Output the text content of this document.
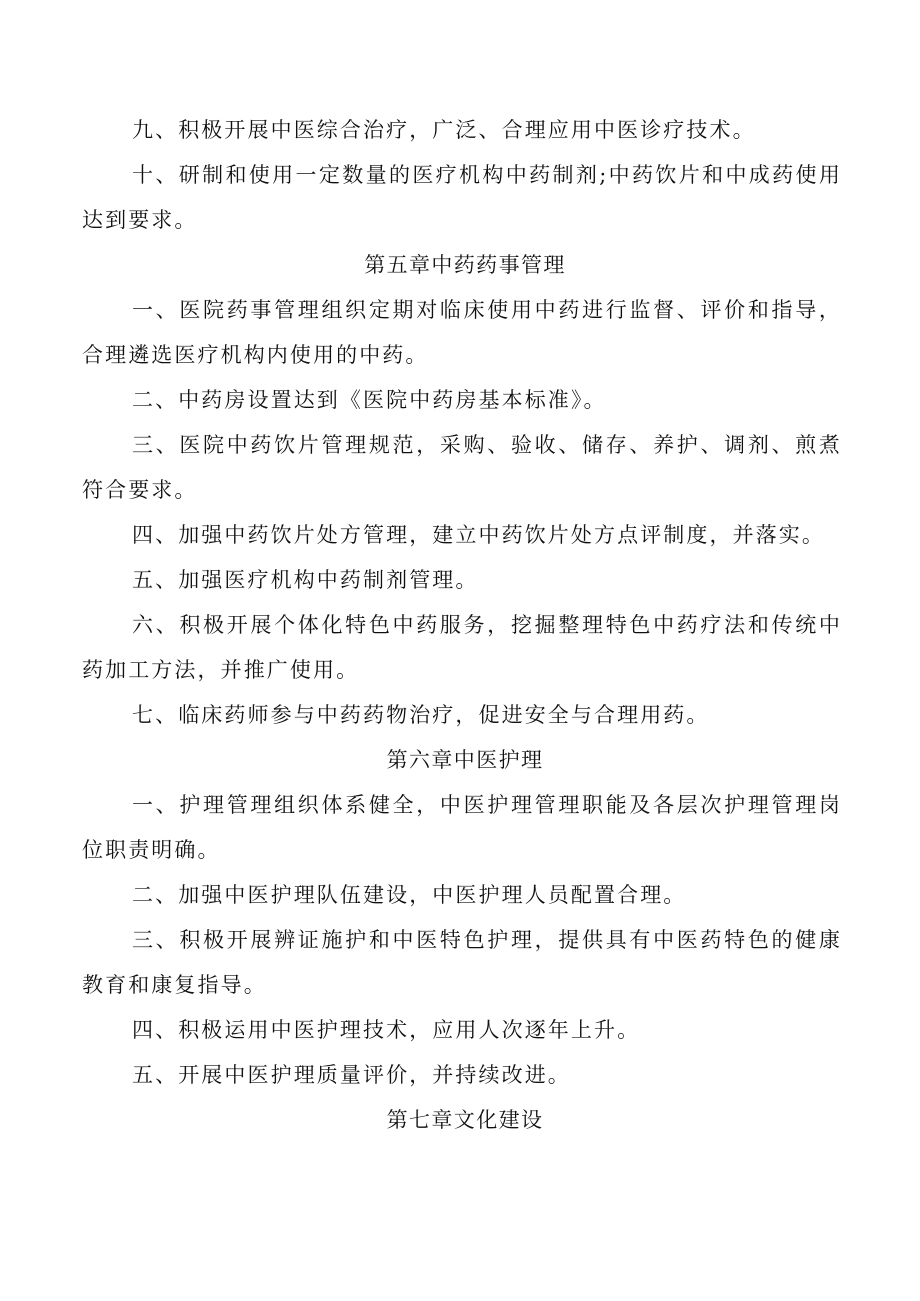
九、积极开展中医综合治疗，广泛、合理应用中医诊疗技术。

十、研制和使用一定数量的医疗机构中药制剂;中药饮片和中成药使用达到要求。

第五章中药药事管理

一、医院药事管理组织定期对临床使用中药进行监督、评价和指导，合理遴选医疗机构内使用的中药。

二、中药房设置达到《医院中药房基本标准》。

三、医院中药饮片管理规范，采购、验收、储存、养护、调剂、煎煮符合要求。

四、加强中药饮片处方管理，建立中药饮片处方点评制度，并落实。

五、加强医疗机构中药制剂管理。

六、积极开展个体化特色中药服务，挖掘整理特色中药疗法和传统中药加工方法，并推广使用。

七、临床药师参与中药药物治疗，促进安全与合理用药。

第六章中医护理

一、护理管理组织体系健全，中医护理管理职能及各层次护理管理岗位职责明确。

二、加强中医护理队伍建设，中医护理人员配置合理。

三、积极开展辨证施护和中医特色护理，提供具有中医药特色的健康教育和康复指导。

四、积极运用中医护理技术，应用人次逐年上升。

五、开展中医护理质量评价，并持续改进。

第七章文化建设
